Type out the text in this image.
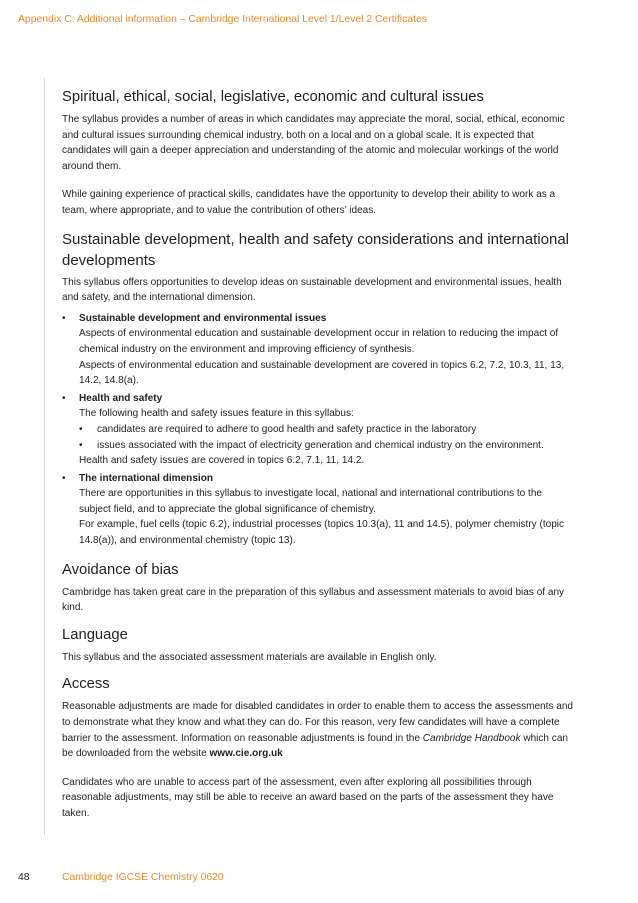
Appendix C: Additional information – Cambridge International Level 1/Level 2 Certificates
Spiritual, ethical, social, legislative, economic and cultural issues

The syllabus provides a number of areas in which candidates may appreciate the moral, social, ethical, economic and cultural issues surrounding chemical industry, both on a local and on a global scale. It is expected that candidates will gain a deeper appreciation and understanding of the atomic and molecular workings of the world around them.

While gaining experience of practical skills, candidates have the opportunity to develop their ability to work as a team, where appropriate, and to value the contribution of others’ ideas.

Sustainable development, health and safety considerations and international developments

This syllabus offers opportunities to develop ideas on sustainable development and environmental issues, health and safety, and the international dimension.

• Sustainable development and environmental issues

Aspects of environmental education and sustainable development occur in relation to reducing the impact of chemical industry on the environment and improving efficiency of synthesis.

Aspects of environmental education and sustainable development are covered in topics 6.2, 7.2, 10.3, 11, 13, 14.2, 14.8(a).

• Health and safety

The following health and safety issues feature in this syllabus:

• candidates are required to adhere to good health and safety practice in the laboratory
• issues associated with the impact of electricity generation and chemical industry on the environment.

Health and safety issues are covered in topics 6.2, 7.1, 11, 14.2.

• The international dimension

There are opportunities in this syllabus to investigate local, national and international contributions to the subject field, and to appreciate the global significance of chemistry.

For example, fuel cells (topic 6.2), industrial processes (topics 10.3(a), 11 and 14.5), polymer chemistry (topic 14.8(a)), and environmental chemistry (topic 13).

Avoidance of bias

Cambridge has taken great care in the preparation of this syllabus and assessment materials to avoid bias of any kind.

Language

This syllabus and the associated assessment materials are available in English only.

Access

Reasonable adjustments are made for disabled candidates in order to enable them to access the assessments and to demonstrate what they know and what they can do. For this reason, very few candidates will have a complete barrier to the assessment. Information on reasonable adjustments is found in the Cambridge Handbook which can be downloaded from the website www.cie.org.uk

Candidates who are unable to access part of the assessment, even after exploring all possibilities through reasonable adjustments, may still be able to receive an award based on the parts of the assessment they have taken.

48	Cambridge IGCSE Chemistry 0620
